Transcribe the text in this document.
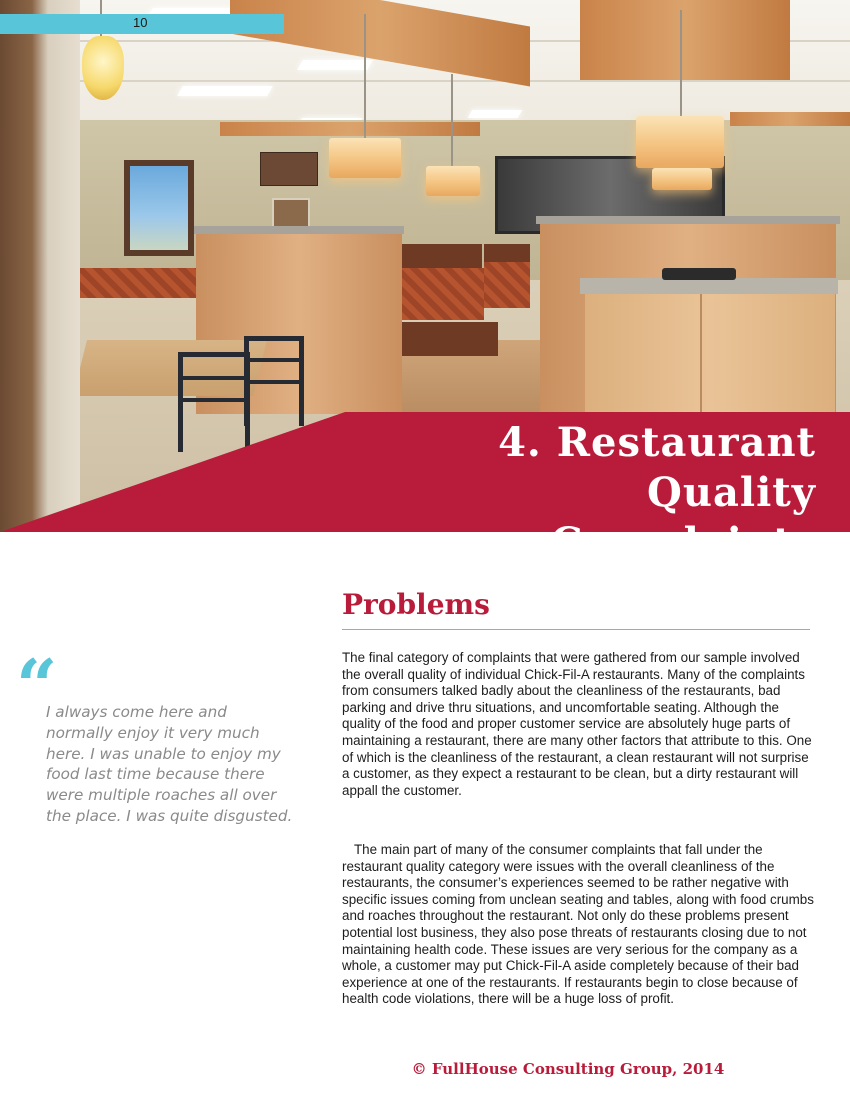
4. Restaurant Quality
Complaints
10
“

I always come here and normally enjoy it very much here. I was unable to enjoy my food last time because there were multiple roaches all over the place. I was quite disgusted.

Problems

The final category of complaints that were gathered from our sample involved the overall quality of individual Chick-Fil-A restaurants. Many of the complaints from consumers talked badly about the cleanliness of the restaurants, bad parking and drive thru situations, and uncomfortable seating. Although the quality of the food and proper customer service are absolutely huge parts of maintaining a restaurant, there are many other factors that attribute to this. One of which is the cleanliness of the restaurant, a clean restaurant will not surprise a customer, as they expect a restaurant to be clean, but a dirty restaurant will appall the customer.

The main part of many of the consumer complaints that fall under the restaurant quality category were issues with the overall cleanliness of the restaurants, the consumer’s experiences seemed to be rather negative with specific issues coming from unclean seating and tables, along with food crumbs and roaches throughout the restaurant. Not only do these problems present potential lost business, they also pose threats of restaurants closing due to not maintaining health code. These issues are very serious for the company as a whole, a customer may put Chick-Fil-A aside completely because of their bad experience at one of the restaurants. If restaurants begin to close because of health code violations, there will be a huge loss of profit.

© FullHouse Consulting Group, 2014
